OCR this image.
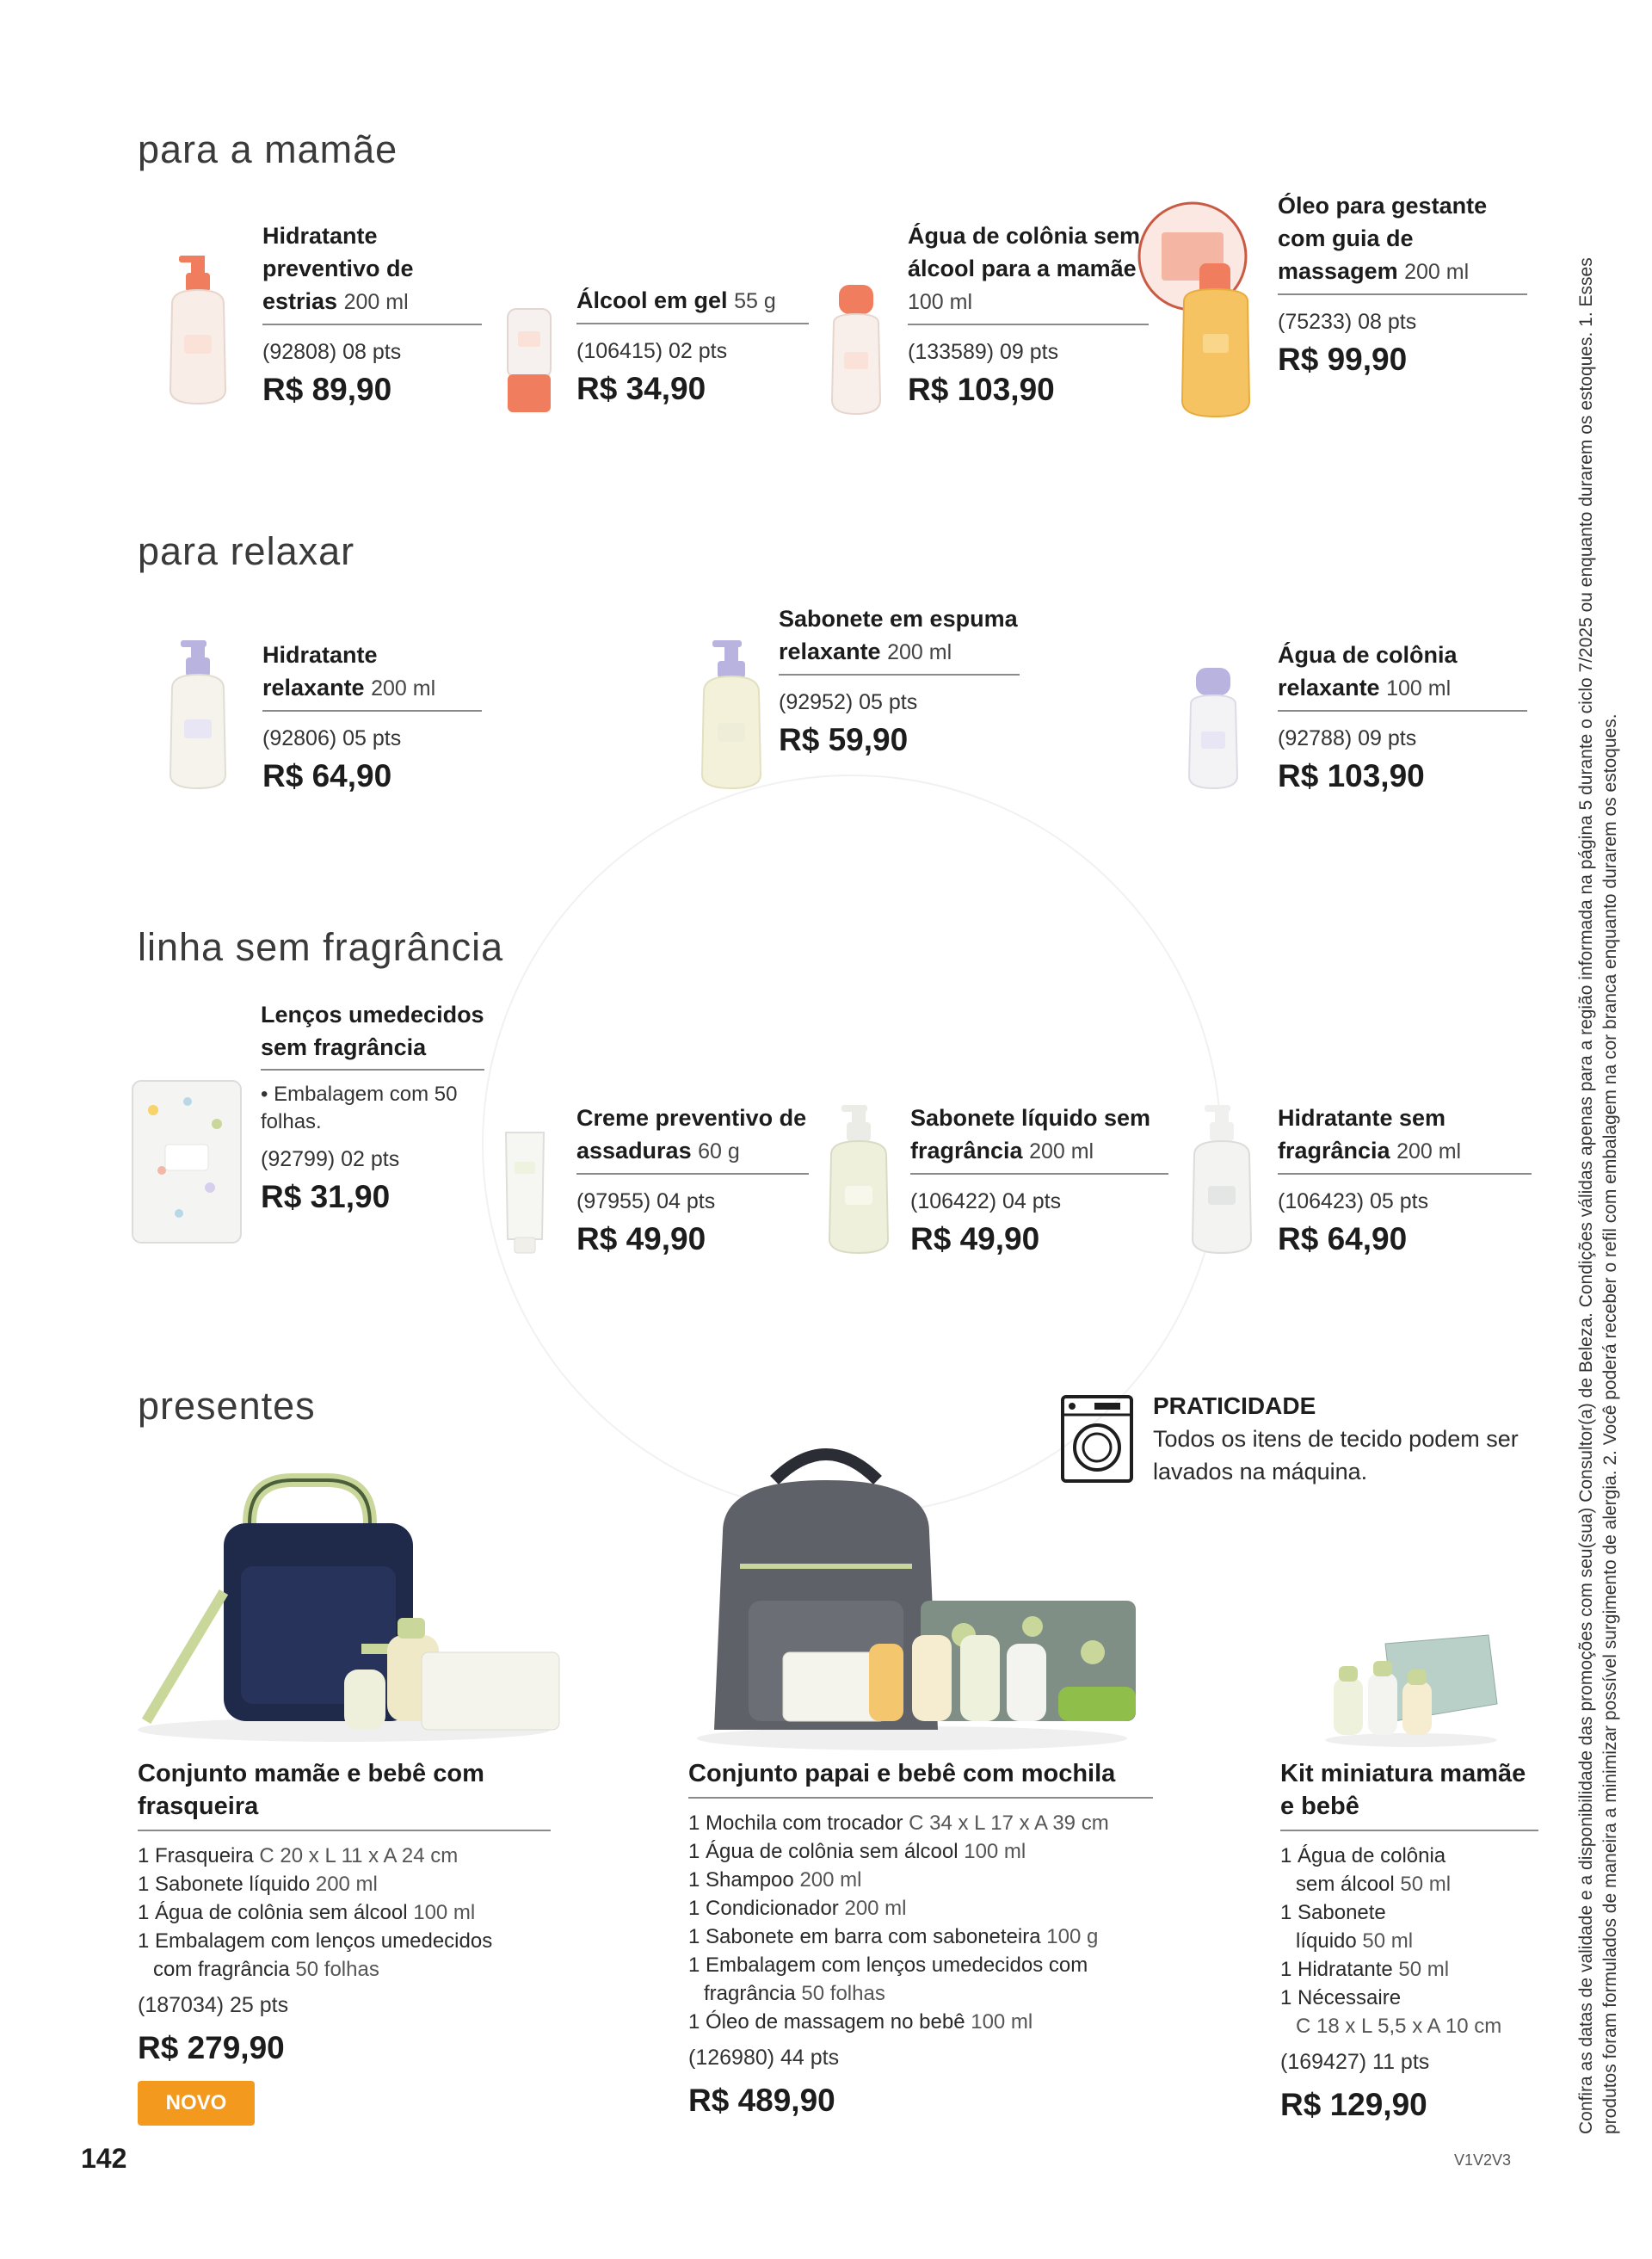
para a mamãe
Hidratante preventivo de estrias 200 ml
(92808) 08 pts
R$ 89,90
Álcool em gel 55 g
(106415) 02 pts
R$ 34,90
Água de colônia sem álcool para a mamãe 100 ml
(133589) 09 pts
R$ 103,90
Óleo para gestante com guia de massagem 200 ml
(75233) 08 pts
R$ 99,90
para relaxar
Hidratante relaxante 200 ml
(92806) 05 pts
R$ 64,90
Sabonete em espuma relaxante 200 ml
(92952) 05 pts
R$ 59,90
Água de colônia relaxante 100 ml
(92788) 09 pts
R$ 103,90
linha sem fragrância
Lenços umedecidos sem fragrância
• Embalagem com 50 folhas.
(92799) 02 pts
R$ 31,90
Creme preventivo de assaduras 60 g
(97955) 04 pts
R$ 49,90
Sabonete líquido sem fragrância 200 ml
(106422) 04 pts
R$ 49,90
Hidratante sem fragrância 200 ml
(106423) 05 pts
R$ 64,90
presentes	PRATICIDADE
Todos os itens de tecido podem ser lavados na máquina.
Conjunto mamãe e bebê com frasqueira
1 Frasqueira C 20 x L 11 x A 24 cm
1 Sabonete líquido 200 ml
1 Água de colônia sem álcool 100 ml
1 Embalagem com lenços umedecidos
com fragrância 50 folhas
(187034) 25 pts
R$ 279,90
NOVO
Conjunto papai e bebê com mochila
1 Mochila com trocador C 34 x L 17 x A 39 cm
1 Água de colônia sem álcool 100 ml
1 Shampoo 200 ml
1 Condicionador 200 ml
1 Sabonete em barra com saboneteira 100 g
1 Embalagem com lenços umedecidos com
fragrância 50 folhas
1 Óleo de massagem no bebê 100 ml
(126980) 44 pts
R$ 489,90
Kit miniatura mamãe e bebê
1 Água de colônia
sem álcool 50 ml
1 Sabonete
líquido 50 ml
1 Hidratante 50 ml
1 Nécessaire
C 18 x L 5,5 x A 10 cm
(169427) 11 pts
R$ 129,90
142	V1V2V3
Confira as datas de validade e a disponibilidade das promoções com seu(sua) Consultor(a) de Beleza. Condições válidas apenas para a região informada na página 5 durante o ciclo 7/2025 ou enquanto durarem os estoques. 1. Esses produtos foram formulados de maneira a minimizar possível surgimento de alergia. 2. Você poderá receber o refil com embalagem na cor branca enquanto durarem os estoques.
